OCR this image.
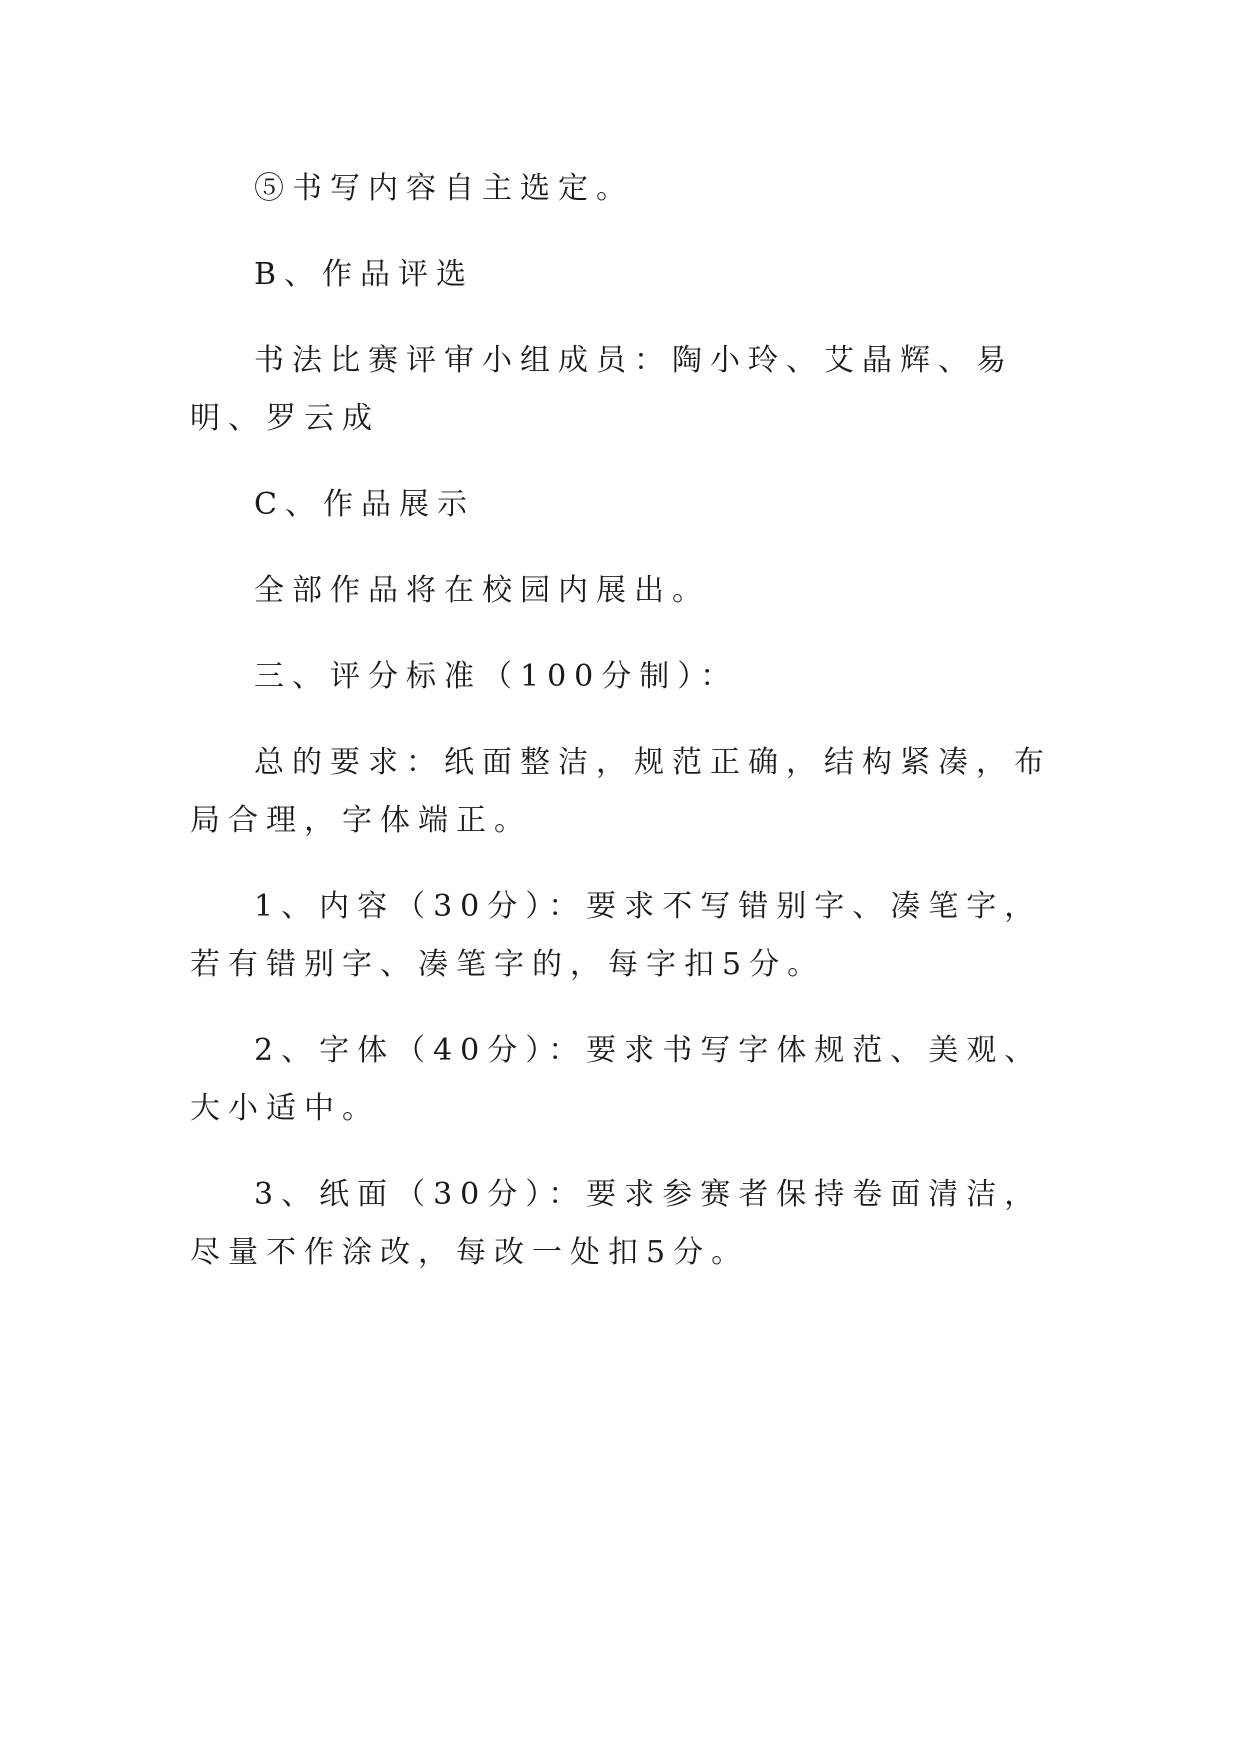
⑤书写内容自主选定。

B、作品评选

书法比赛评审小组成员：陶小玲、艾晶辉、易明、罗云成

C、作品展示

全部作品将在校园内展出。

三、评分标准（100分制）：

总的要求：纸面整洁，规范正确，结构紧凑，布局合理，字体端正。

1、内容（30分）：要求不写错别字、凑笔字，若有错别字、凑笔字的，每字扣5分。

2、字体（40分）：要求书写字体规范、美观、大小适中。

3、纸面（30分）：要求参赛者保持卷面清洁，尽量不作涂改，每改一处扣5分。
